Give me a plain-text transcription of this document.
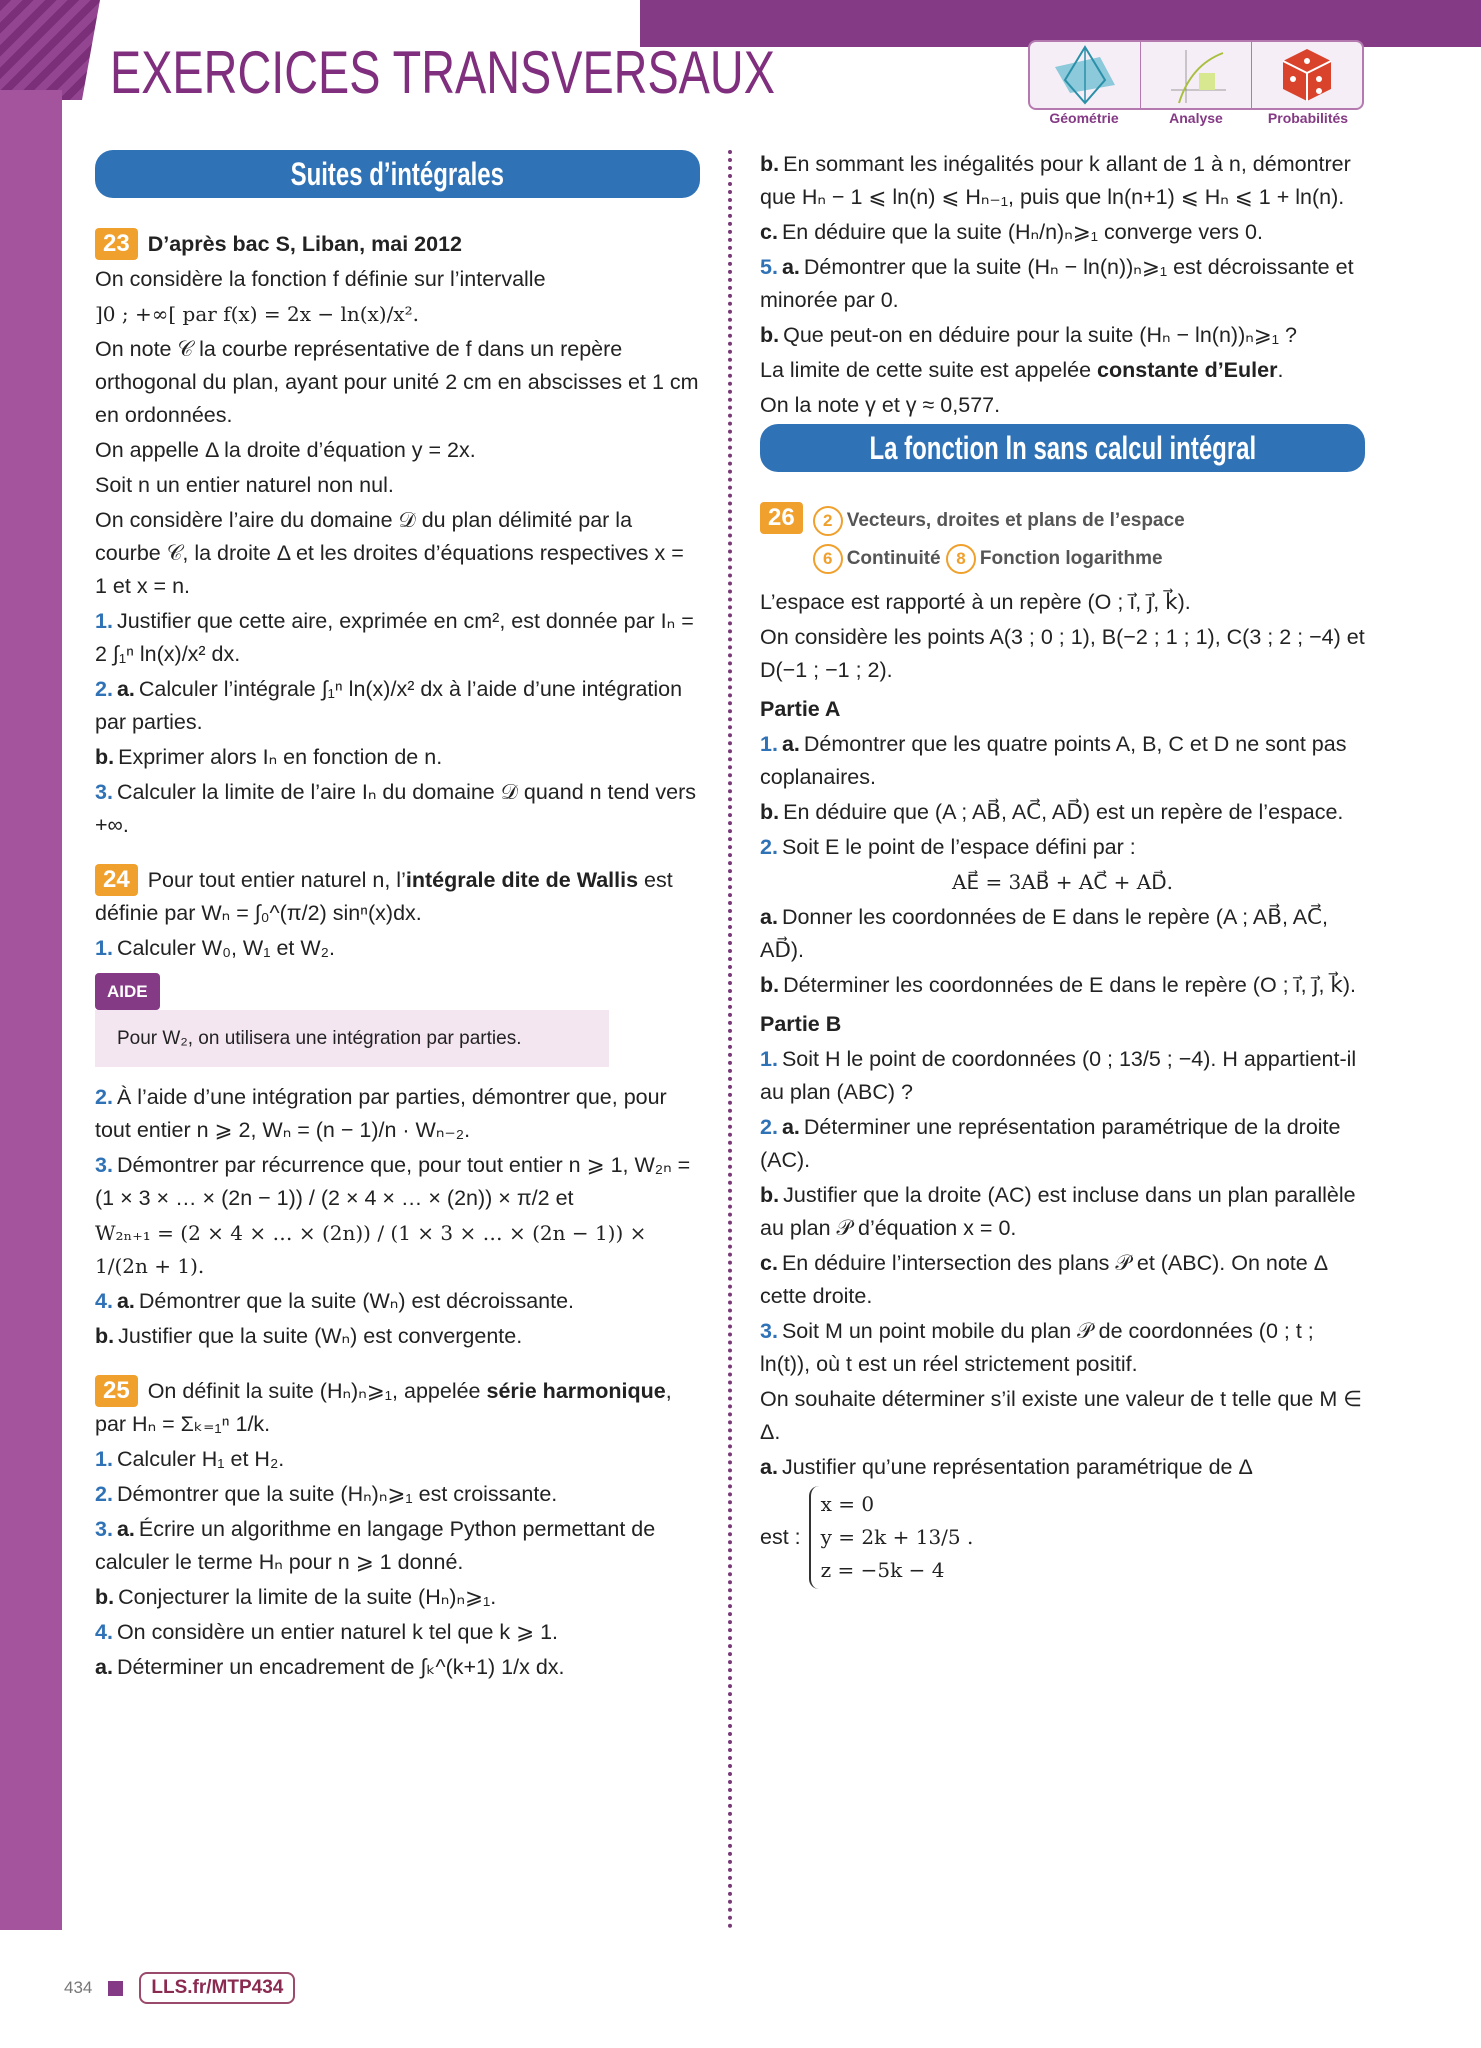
EXERCICES TRANSVERSAUX
Géométrie	Analyse	Probabilités
Suites d’intégrales

23 D’après bac S, Liban, mai 2012

On considère la fonction f définie sur l’intervalle

]0 ; +∞[ par f(x) = 2x − ln(x)/x².

On note 𝒞 la courbe représentative de f dans un repère orthogonal du plan, ayant pour unité 2 cm en abscisses et 1 cm en ordonnées.

On appelle Δ la droite d’équation y = 2x.

Soit n un entier naturel non nul.

On considère l’aire du domaine 𝒟 du plan délimité par la courbe 𝒞, la droite Δ et les droites d’équations respectives x = 1 et x = n.

1. Justifier que cette aire, exprimée en cm², est donnée par Iₙ = 2 ∫₁ⁿ ln(x)/x² dx.

2. a. Calculer l’intégrale ∫₁ⁿ ln(x)/x² dx à l’aide d’une intégration par parties.

b. Exprimer alors Iₙ en fonction de n.

3. Calculer la limite de l’aire Iₙ du domaine 𝒟 quand n tend vers +∞.

24 Pour tout entier naturel n, l’intégrale dite de Wallis est définie par Wₙ = ∫₀^(π/2) sinⁿ(x)dx.

1. Calculer W₀, W₁ et W₂.

AIDE
Pour W₂, on utilisera une intégration par parties.

2. À l’aide d’une intégration par parties, démontrer que, pour tout entier n ⩾ 2, Wₙ = (n − 1)/n · Wₙ₋₂.

3. Démontrer par récurrence que, pour tout entier n ⩾ 1, W₂ₙ = (1 × 3 × … × (2n − 1)) / (2 × 4 × … × (2n)) × π/2 et

W₂ₙ₊₁ = (2 × 4 × … × (2n)) / (1 × 3 × … × (2n − 1)) × 1/(2n + 1).

4. a. Démontrer que la suite (Wₙ) est décroissante.

b. Justifier que la suite (Wₙ) est convergente.

25 On définit la suite (Hₙ)ₙ⩾₁, appelée série harmonique, par Hₙ = Σₖ₌₁ⁿ 1/k.

1. Calculer H₁ et H₂.

2. Démontrer que la suite (Hₙ)ₙ⩾₁ est croissante.

3. a. Écrire un algorithme en langage Python permettant de calculer le terme Hₙ pour n ⩾ 1 donné.

b. Conjecturer la limite de la suite (Hₙ)ₙ⩾₁.

4. On considère un entier naturel k tel que k ⩾ 1.

a. Déterminer un encadrement de ∫ₖ^(k+1) 1/x dx.

b. En sommant les inégalités pour k allant de 1 à n, démontrer que Hₙ − 1 ⩽ ln(n) ⩽ Hₙ₋₁, puis que ln(n+1) ⩽ Hₙ ⩽ 1 + ln(n).

c. En déduire que la suite (Hₙ/n)ₙ⩾₁ converge vers 0.

5. a. Démontrer que la suite (Hₙ − ln(n))ₙ⩾₁ est décroissante et minorée par 0.

b. Que peut-on en déduire pour la suite (Hₙ − ln(n))ₙ⩾₁ ?

La limite de cette suite est appelée constante d’Euler.

On la note γ et γ ≈ 0,577.

La fonction ln sans calcul intégral
26 2 Vecteurs, droites et plans de l’espace
6 Continuité 8 Fonction logarithme

L’espace est rapporté à un repère (O ; i⃗, j⃗, k⃗).

On considère les points A(3 ; 0 ; 1), B(−2 ; 1 ; 1), C(3 ; 2 ; −4) et D(−1 ; −1 ; 2).

Partie A

1. a. Démontrer que les quatre points A, B, C et D ne sont pas coplanaires.

b. En déduire que (A ; AB⃗, AC⃗, AD⃗) est un repère de l’espace.

2. Soit E le point de l’espace défini par :

AE⃗ = 3AB⃗ + AC⃗ + AD⃗.

a. Donner les coordonnées de E dans le repère (A ; AB⃗, AC⃗, AD⃗).

b. Déterminer les coordonnées de E dans le repère (O ; i⃗, j⃗, k⃗).

Partie B

1. Soit H le point de coordonnées (0 ; 13/5 ; −4). H appartient-il au plan (ABC) ?

2. a. Déterminer une représentation paramétrique de la droite (AC).

b. Justifier que la droite (AC) est incluse dans un plan parallèle au plan 𝒫 d’équation x = 0.

c. En déduire l’intersection des plans 𝒫 et (ABC). On note Δ cette droite.

3. Soit M un point mobile du plan 𝒫 de coordonnées (0 ; t ; ln(t)), où t est un réel strictement positif.

On souhaite déterminer s’il existe une valeur de t telle que M ∈ Δ.

a. Justifier qu’une représentation paramétrique de Δ

est :
x = 0
y = 2k + 13/5 .
z = −5k − 4
434	LLS.fr/MTP434
